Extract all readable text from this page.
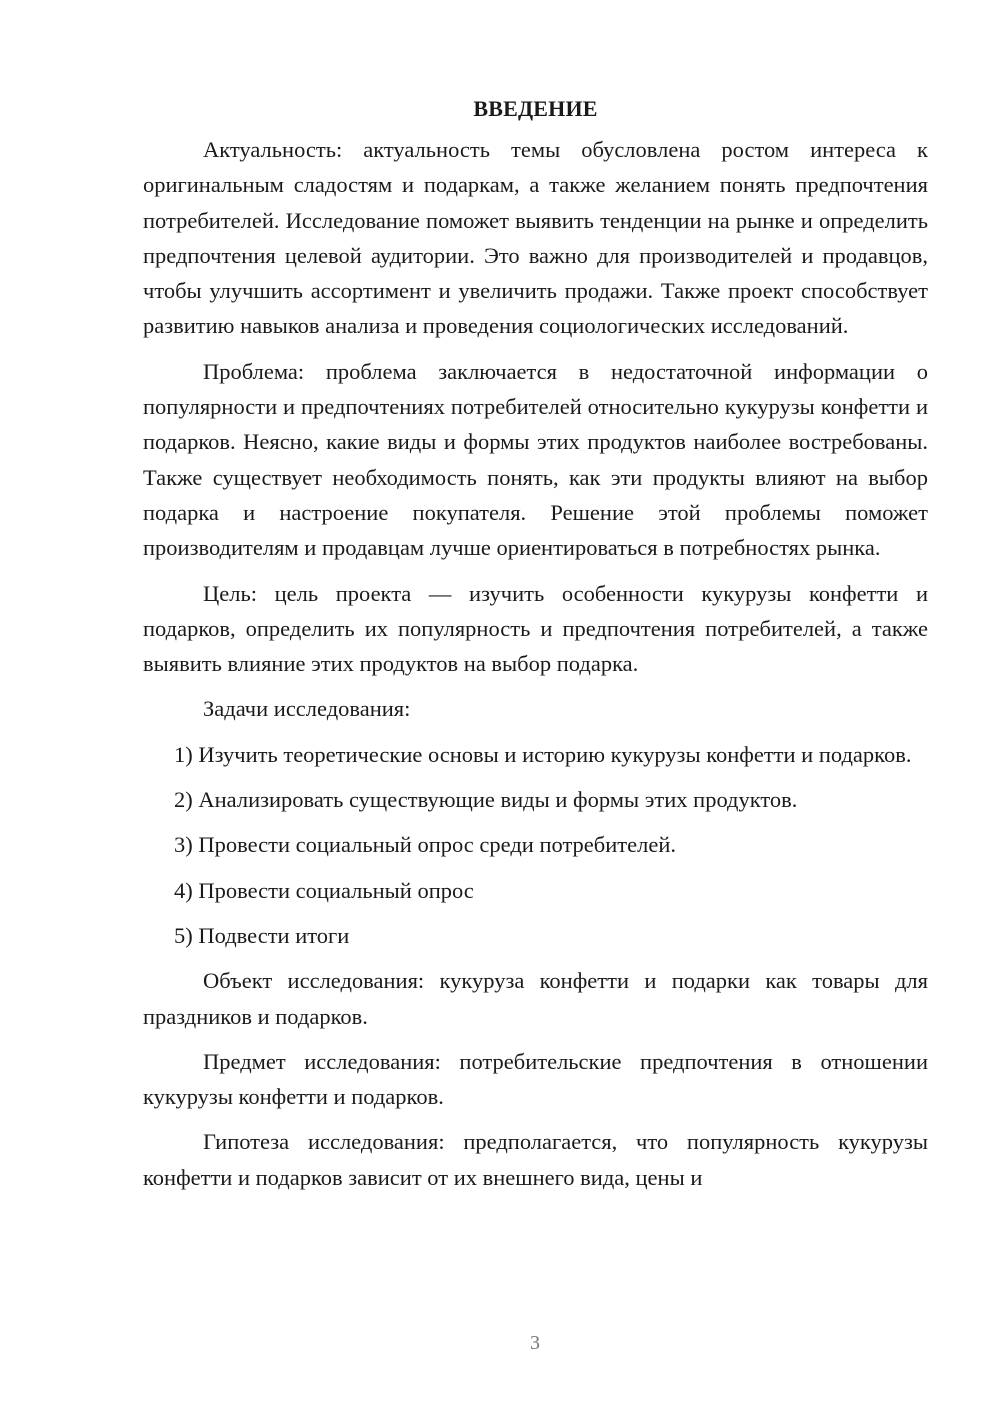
ВВЕДЕНИЕ

Актуальность: актуальность темы обусловлена ростом интереса к оригинальным сладостям и подаркам, а также желанием понять предпочтения потребителей. Исследование поможет выявить тенденции на рынке и определить предпочтения целевой аудитории. Это важно для производителей и продавцов, чтобы улучшить ассортимент и увеличить продажи. Также проект способствует развитию навыков анализа и проведения социологических исследований.

Проблема: проблема заключается в недостаточной информации о популярности и предпочтениях потребителей относительно кукурузы конфетти и подарков. Неясно, какие виды и формы этих продуктов наиболее востребованы. Также существует необходимость понять, как эти продукты влияют на выбор подарка и настроение покупателя. Решение этой проблемы поможет производителям и продавцам лучше ориентироваться в потребностях рынка.

Цель: цель проекта — изучить особенности кукурузы конфетти и подарков, определить их популярность и предпочтения потребителей, а также выявить влияние этих продуктов на выбор подарка.

Задачи исследования:

1) Изучить теоретические основы и историю кукурузы конфетти и подарков.

2) Анализировать существующие виды и формы этих продуктов.

3) Провести социальный опрос среди потребителей.

4) Провести социальный опрос

5) Подвести итоги

Объект исследования: кукуруза конфетти и подарки как товары для праздников и подарков.

Предмет исследования: потребительские предпочтения в отношении кукурузы конфетти и подарков.

Гипотеза исследования: предполагается, что популярность кукурузы конфетти и подарков зависит от их внешнего вида, цены и

3
